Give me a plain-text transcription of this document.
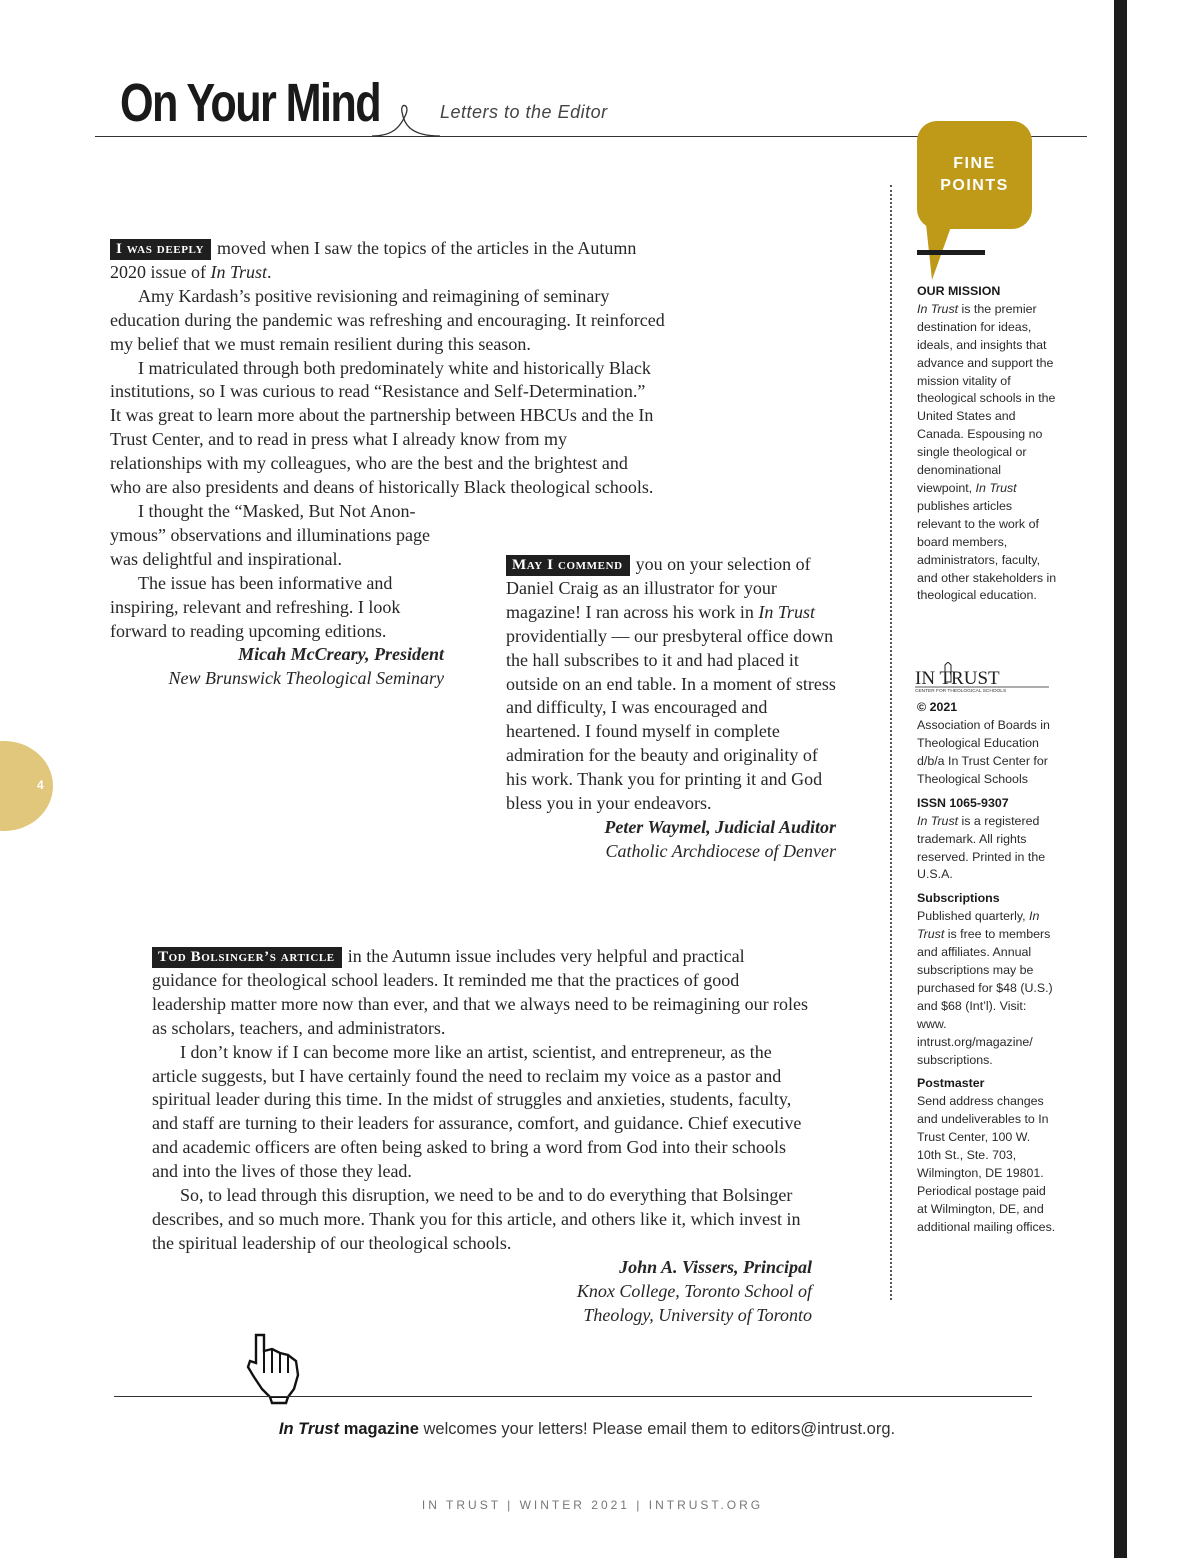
On Your Mind	Letters to the Editor

I was deeply moved when I saw the topics of the articles in the Autumn 2020 issue of In Trust.

Amy Kardash’s positive revisioning and reimagining of seminary education during the pandemic was refreshing and encouraging. It reinforced my belief that we must remain resilient during this season.

I matriculated through both predominately white and historically Black institutions, so I was curious to read “Resistance and Self-Determination.” It was great to learn more about the partnership between HBCUs and the In Trust Center, and to read in press what I already know from my relationships with my colleagues, who are the best and the brightest and who are also presidents and deans of historically Black theological schools.

I thought the “Masked, But Not Anonymous” observations and illuminations page was delightful and inspirational.

The issue has been informative and inspiring, relevant and refreshing. I look forward to reading upcoming editions.

Micah McCreary, President

New Brunswick Theological Seminary

May I commend you on your selection of Daniel Craig as an illustrator for your magazine! I ran across his work in In Trust providentially — our presbyteral office down the hall subscribes to it and had placed it outside on an end table. In a moment of stress and difficulty, I was encouraged and heartened. I found myself in complete admiration for the beauty and originality of his work. Thank you for printing it and God bless you in your endeavors.

Peter Waymel, Judicial Auditor

Catholic Archdiocese of Denver

Tod Bolsinger’s article in the Autumn issue includes very helpful and practical guidance for theological school leaders. It reminded me that the practices of good leadership matter more now than ever, and that we always need to be reimagining our roles as scholars, teachers, and administrators.

I don’t know if I can become more like an artist, scientist, and entrepreneur, as the article suggests, but I have certainly found the need to reclaim my voice as a pastor and spiritual leader during this time. In the midst of struggles and anxieties, students, faculty, and staff are turning to their leaders for assurance, comfort, and guidance. Chief executive and academic officers are often being asked to bring a word from God into their schools and into the lives of those they lead.

So, to lead through this disruption, we need to be and to do everything that Bolsinger describes, and so much more. Thank you for this article, and others like it, which invest in the spiritual leadership of our theological schools.

John A. Vissers, Principal

Knox College, Toronto School of

Theology, University of Toronto

4
FINE
POINTS
OUR MISSION

In Trust is the premier destination for ideas, ideals, and insights that advance and support the mission vitality of theological schools in the United States and Canada. Espousing no single theological or denominational viewpoint, In Trust publishes articles relevant to the work of board members, administrators, faculty, and other stakeholders in theological education.

© 2021

Association of Boards in Theological Education d/b/a In Trust Center for Theological Schools

ISSN 1065-9307

In Trust is a registered trademark. All rights reserved. Printed in the U.S.A.

Subscriptions

Published quarterly, In Trust is free to members and affiliates. Annual subscriptions may be purchased for $48 (U.S.) and $68 (Int’l). Visit: www. intrust.org/magazine/ subscriptions.

Postmaster

Send address changes and undeliverables to In Trust Center, 100 W. 10th St., Ste. 703, Wilmington, DE 19801. Periodical postage paid at Wilmington, DE, and additional mailing offices.

IN TRUST
CENTER FOR THEOLOGICAL SCHOOLS
In Trust magazine welcomes your letters! Please email them to editors@intrust.org.
IN TRUST | WINTER 2021 | INTRUST.ORG
